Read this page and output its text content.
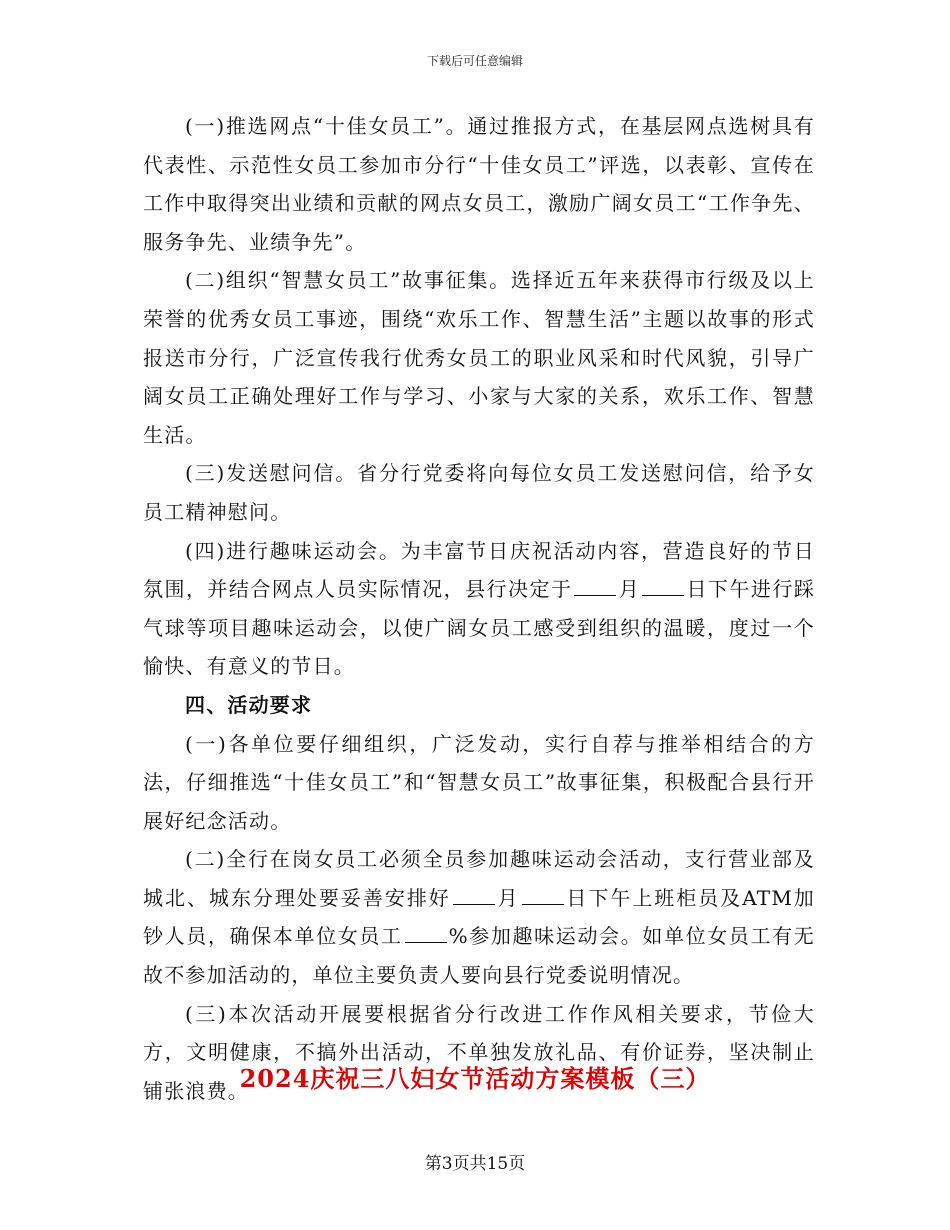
下载后可任意编辑

(一)推选网点“十佳女员工”。通过推报方式，在基层网点选树具有代表性、示范性女员工参加市分行“十佳女员工”评选，以表彰、宣传在工作中取得突出业绩和贡献的网点女员工，激励广阔女员工“工作争先、服务争先、业绩争先”。

(二)组织“智慧女员工”故事征集。选择近五年来获得市行级及以上荣誉的优秀女员工事迹，围绕“欢乐工作、智慧生活”主题以故事的形式报送市分行，广泛宣传我行优秀女员工的职业风采和时代风貌，引导广阔女员工正确处理好工作与学习、小家与大家的关系，欢乐工作、智慧生活。

(三)发送慰问信。省分行党委将向每位女员工发送慰问信，给予女员工精神慰问。

(四)进行趣味运动会。为丰富节日庆祝活动内容，营造良好的节日氛围，并结合网点人员实际情况，县行决定于 月 日下午进行踩气球等项目趣味运动会，以使广阔女员工感受到组织的温暖，度过一个愉快、有意义的节日。

四、活动要求

(一)各单位要仔细组织，广泛发动，实行自荐与推举相结合的方法，仔细推选“十佳女员工”和“智慧女员工”故事征集，积极配合县行开展好纪念活动。

(二)全行在岗女员工必须全员参加趣味运动会活动，支行营业部及城北、城东分理处要妥善安排好 月 日下午上班柜员及ATM加钞人员，确保本单位女员工 %参加趣味运动会。如单位女员工有无故不参加活动的，单位主要负责人要向县行党委说明情况。

(三)本次活动开展要根据省分行改进工作作风相关要求，节俭大方，文明健康，不搞外出活动，不单独发放礼品、有价证券，坚决制止铺张浪费。

2024庆祝三八妇女节活动方案模板（三）
第3页共15页
